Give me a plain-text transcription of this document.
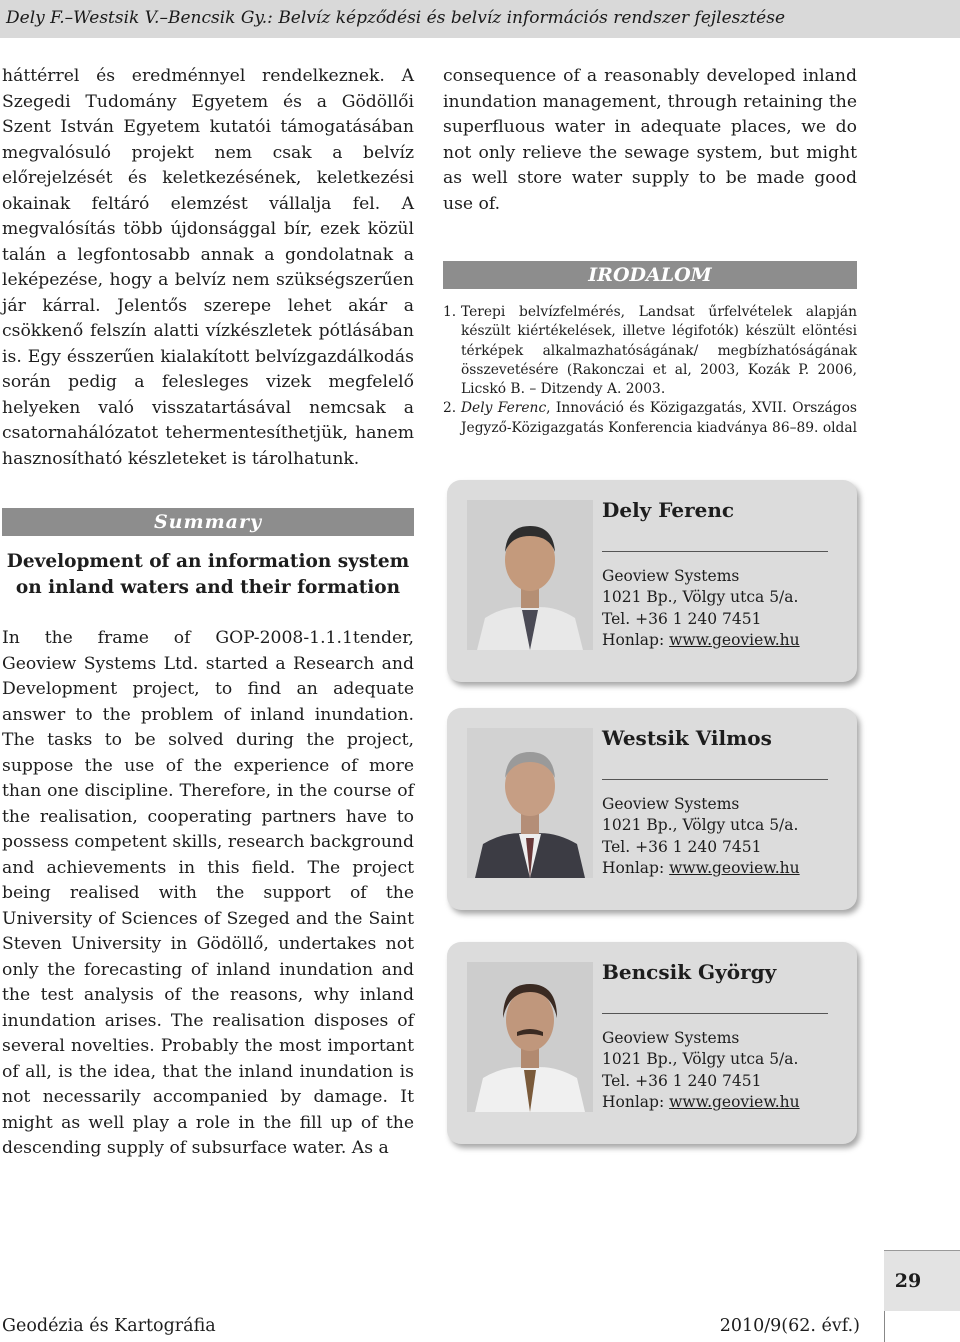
Dely F.–Westsik V.–Bencsik Gy.: Belvíz képződési és belvíz információs rendszer fejlesztése

háttérrel és eredménnyel rendelkeznek. A Szegedi Tudomány Egyetem és a Gödöllői Szent István Egyetem kutatói támogatásában megvalósuló projekt nem csak a belvíz előrejelzését és keletkezésének, keletkezési okainak feltáró elemzést vállalja fel. A megvalósítás több újdonsággal bír, ezek közül talán a legfontosabb annak a gondolatnak a leképezése, hogy a belvíz nem szükségszerűen jár kárral. Jelentős szerepe lehet akár a csökkenő felszín alatti vízkészletek pótlásában is. Egy ésszerűen kialakított belvízgazdálkodás során pedig a felesleges vizek megfelelő helyeken való visszatartásával nemcsak a csatornahálózatot tehermentesíthetjük, hanem hasznosítható készleteket is tárolhatunk.

Summary
Development of an information system
on inland waters and their formation

In the frame of GOP-2008-1.1.1tender, Geoview Systems Ltd. started a Research and Development project, to find an adequate answer to the problem of inland inundation. The tasks to be solved during the project, suppose the use of the experience of more than one discipline. Therefore, in the course of the realisation, cooperating partners have to possess competent skills, research background and achievements in this field. The project being realised with the support of the University of Sciences of Szeged and the Saint Steven University in Gödöllő, undertakes not only the forecasting of inland inundation and the test analysis of the reasons, why inland inundation arises. The realisation disposes of several novelties. Probably the most important of all, is the idea, that the inland inundation is not necessarily accompanied by damage. It might as well play a role in the fill up of the descending supply of subsurface water. As a

consequence of a reasonably developed inland inundation management, through retaining the superfluous water in adequate places, we do not only relieve the sewage system, but might as well store water supply to be made good use of.

IRODALOM
1. Terepi belvízfelmérés, Landsat űrfelvételek alapján készült kiértékelések, illetve légifotók) készült elöntési térképek alkalmazhatóságának/ megbízhatóságának összevetésére (Rakonczai et al, 2003, Kozák P. 2006, Licskó B. – Ditzendy A. 2003.
2. Dely Ferenc, Innováció és Közigazgatás, XVII. Országos Jegyző-Közigazgatás Konferencia kiadványa 86–89. oldal
Dely Ferenc
Geoview Systems
1021 Bp., Völgy utca 5/a.
Tel. +36 1 240 7451
Honlap: www.geoview.hu
Westsik Vilmos
Geoview Systems
1021 Bp., Völgy utca 5/a.
Tel. +36 1 240 7451
Honlap: www.geoview.hu
Bencsik György
Geoview Systems
1021 Bp., Völgy utca 5/a.
Tel. +36 1 240 7451
Honlap: www.geoview.hu
29
Geodézia és Kartográfia	2010/9(62. évf.)
